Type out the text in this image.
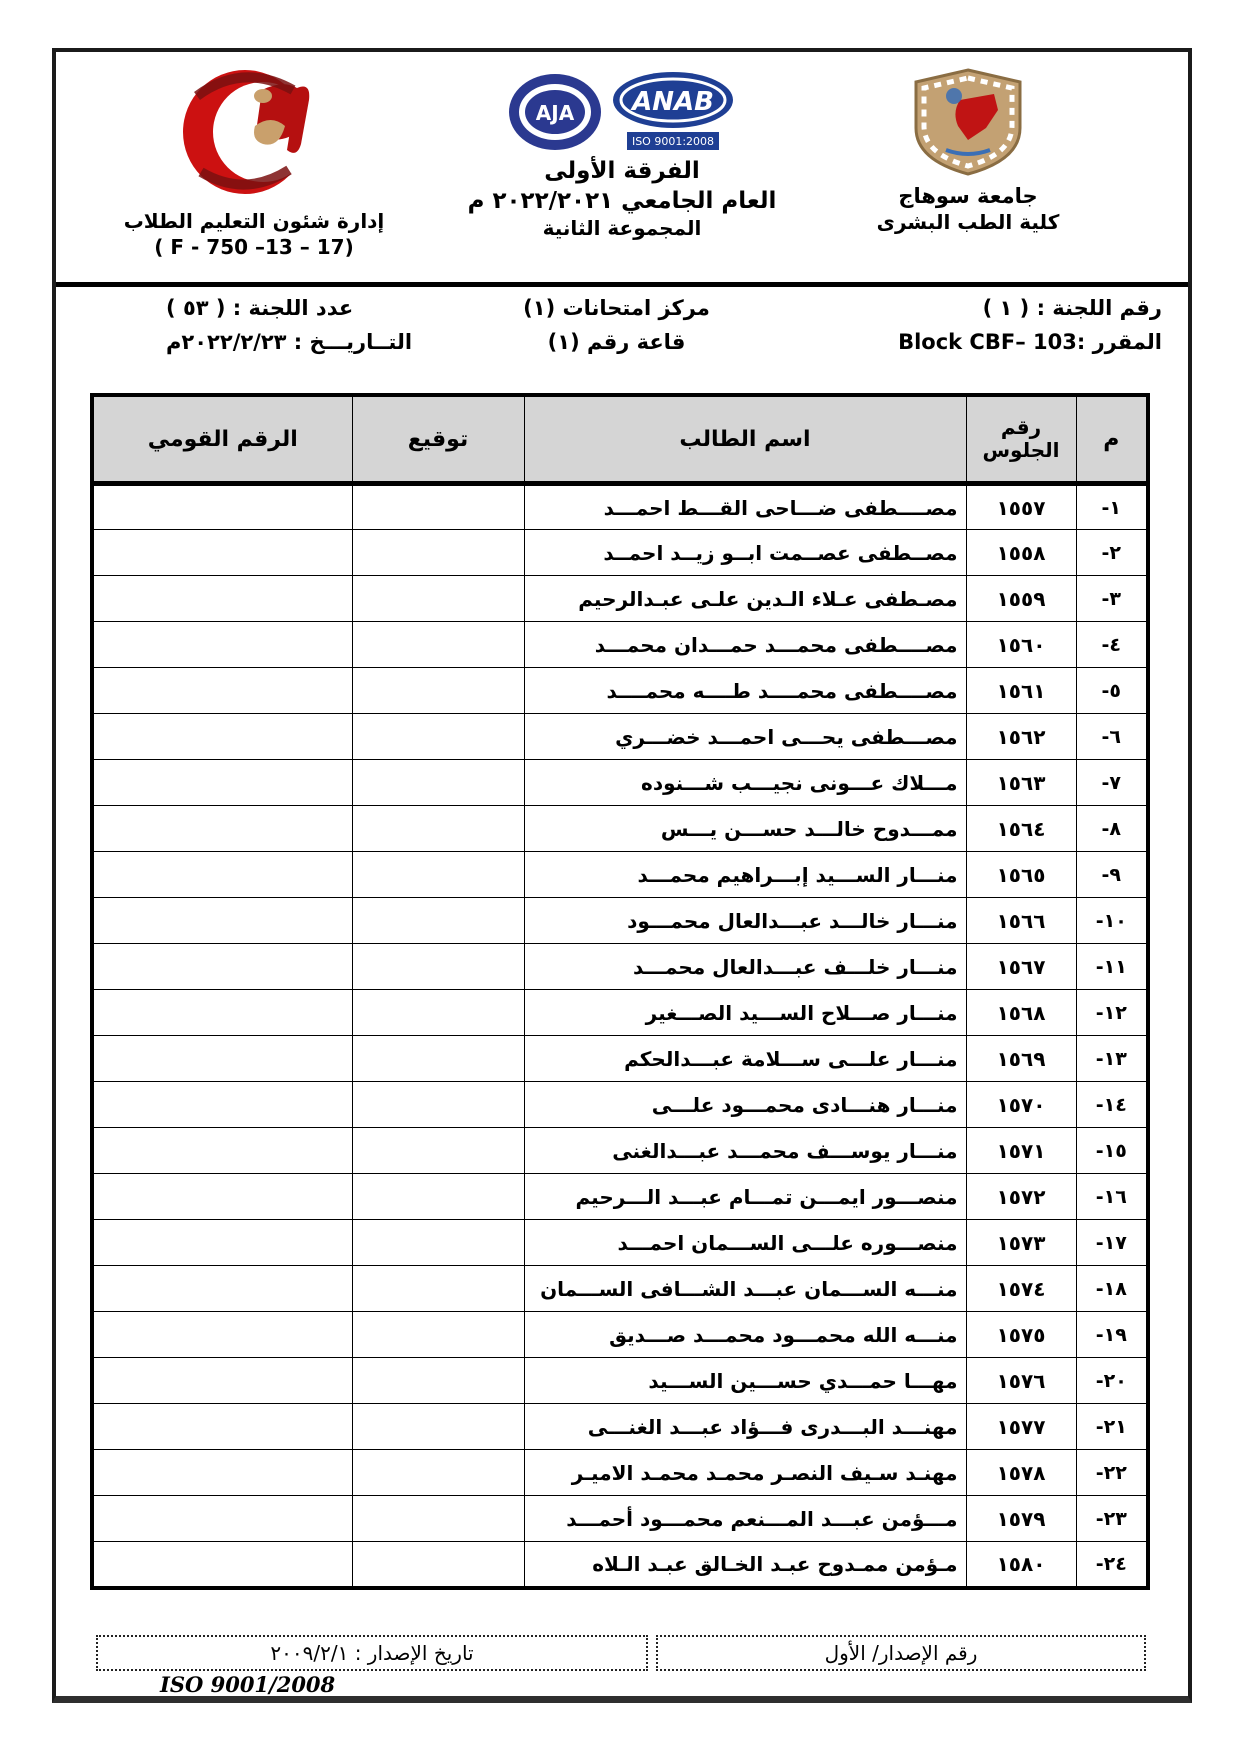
إدارة شئون التعليم الطلاب
( F - 750 –13 – 17)
ANAB
ISO 9001:2008
AJA
الفرقة الأولى
العام الجامعي ٢٠٢٢/٢٠٢١ م
المجموعة الثانية
جامعة سوهاج
كلية الطب البشرى
رقم اللجنة : ( ١ )
مركز امتحانات (١)
عدد اللجنة : ( ٥٣ )
المقرر :Block CBF– 103
قاعة رقم (١)
التــاريـــخ : ٢٠٢٢/٢/٢٣م
م	رقم الجلوس	اسم الطالب	توقيع	الرقم القومي
١-	١٥٥٧	مصــــطفى ضـــاحى القـــط احمـــد		
٢-	١٥٥٨	مصــطفى عصــمت ابــو زيــد احمــد		
٣-	١٥٥٩	مصـطفى عـلاء الـدين علـى عبـدالرحيم		
٤-	١٥٦٠	مصــــطفى محمـــد حمـــدان محمـــد		
٥-	١٥٦١	مصــــطفى محمــــد طــــه محمــــد		
٦-	١٥٦٢	مصـــطفى يحـــى احمـــد خضـــري		
٧-	١٥٦٣	مـــلاك عـــونى نجيـــب شـــنوده		
٨-	١٥٦٤	ممـــدوح خالـــد حســـن يـــس		
٩-	١٥٦٥	منـــار الســـيد إبـــراهيم محمـــد		
١٠-	١٥٦٦	منـــار خالـــد عبـــدالعال محمـــود		
١١-	١٥٦٧	منـــار خلـــف عبـــدالعال محمـــد		
١٢-	١٥٦٨	منـــار صـــلاح الســـيد الصـــغير		
١٣-	١٥٦٩	منـــار علـــى ســـلامة عبـــدالحكم		
١٤-	١٥٧٠	منـــار هنـــادى محمـــود علـــى		
١٥-	١٥٧١	منـــار يوســـف محمـــد عبـــدالغنى		
١٦-	١٥٧٢	منصـــور ايمـــن تمـــام عبـــد الـــرحيم		
١٧-	١٥٧٣	منصـــوره علـــى الســـمان احمـــد		
١٨-	١٥٧٤	منـــه الســـمان عبـــد الشـــافى الســـمان		
١٩-	١٥٧٥	منـــه الله محمـــود محمـــد صـــديق		
٢٠-	١٥٧٦	مهـــا حمـــدي حســـين الســـيد		
٢١-	١٥٧٧	مهنـــد البـــدرى فـــؤاد عبـــد الغنـــى		
٢٢-	١٥٧٨	مهنـد سـيف النصـر محمـد محمـد الاميـر		
٢٣-	١٥٧٩	مـــؤمن عبـــد المـــنعم محمـــود أحمـــد		
٢٤-	١٥٨٠	مـؤمن ممـدوح عبـد الخـالق عبـد الـلاه		
رقم الإصدار/ الأول
تاريخ الإصدار : ٢٠٠٩/٢/١
ISO 9001/2008
